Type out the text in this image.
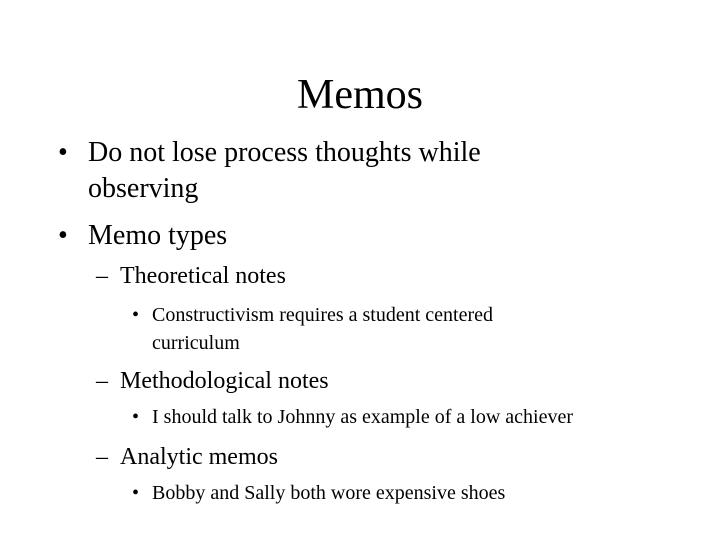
Memos
• Do not lose process thoughts while
observing
• Memo types
– Theoretical notes
• Constructivism requires a student centered
curriculum
– Methodological notes
• I should talk to Johnny as example of a low achiever
– Analytic memos
• Bobby and Sally both wore expensive shoes
